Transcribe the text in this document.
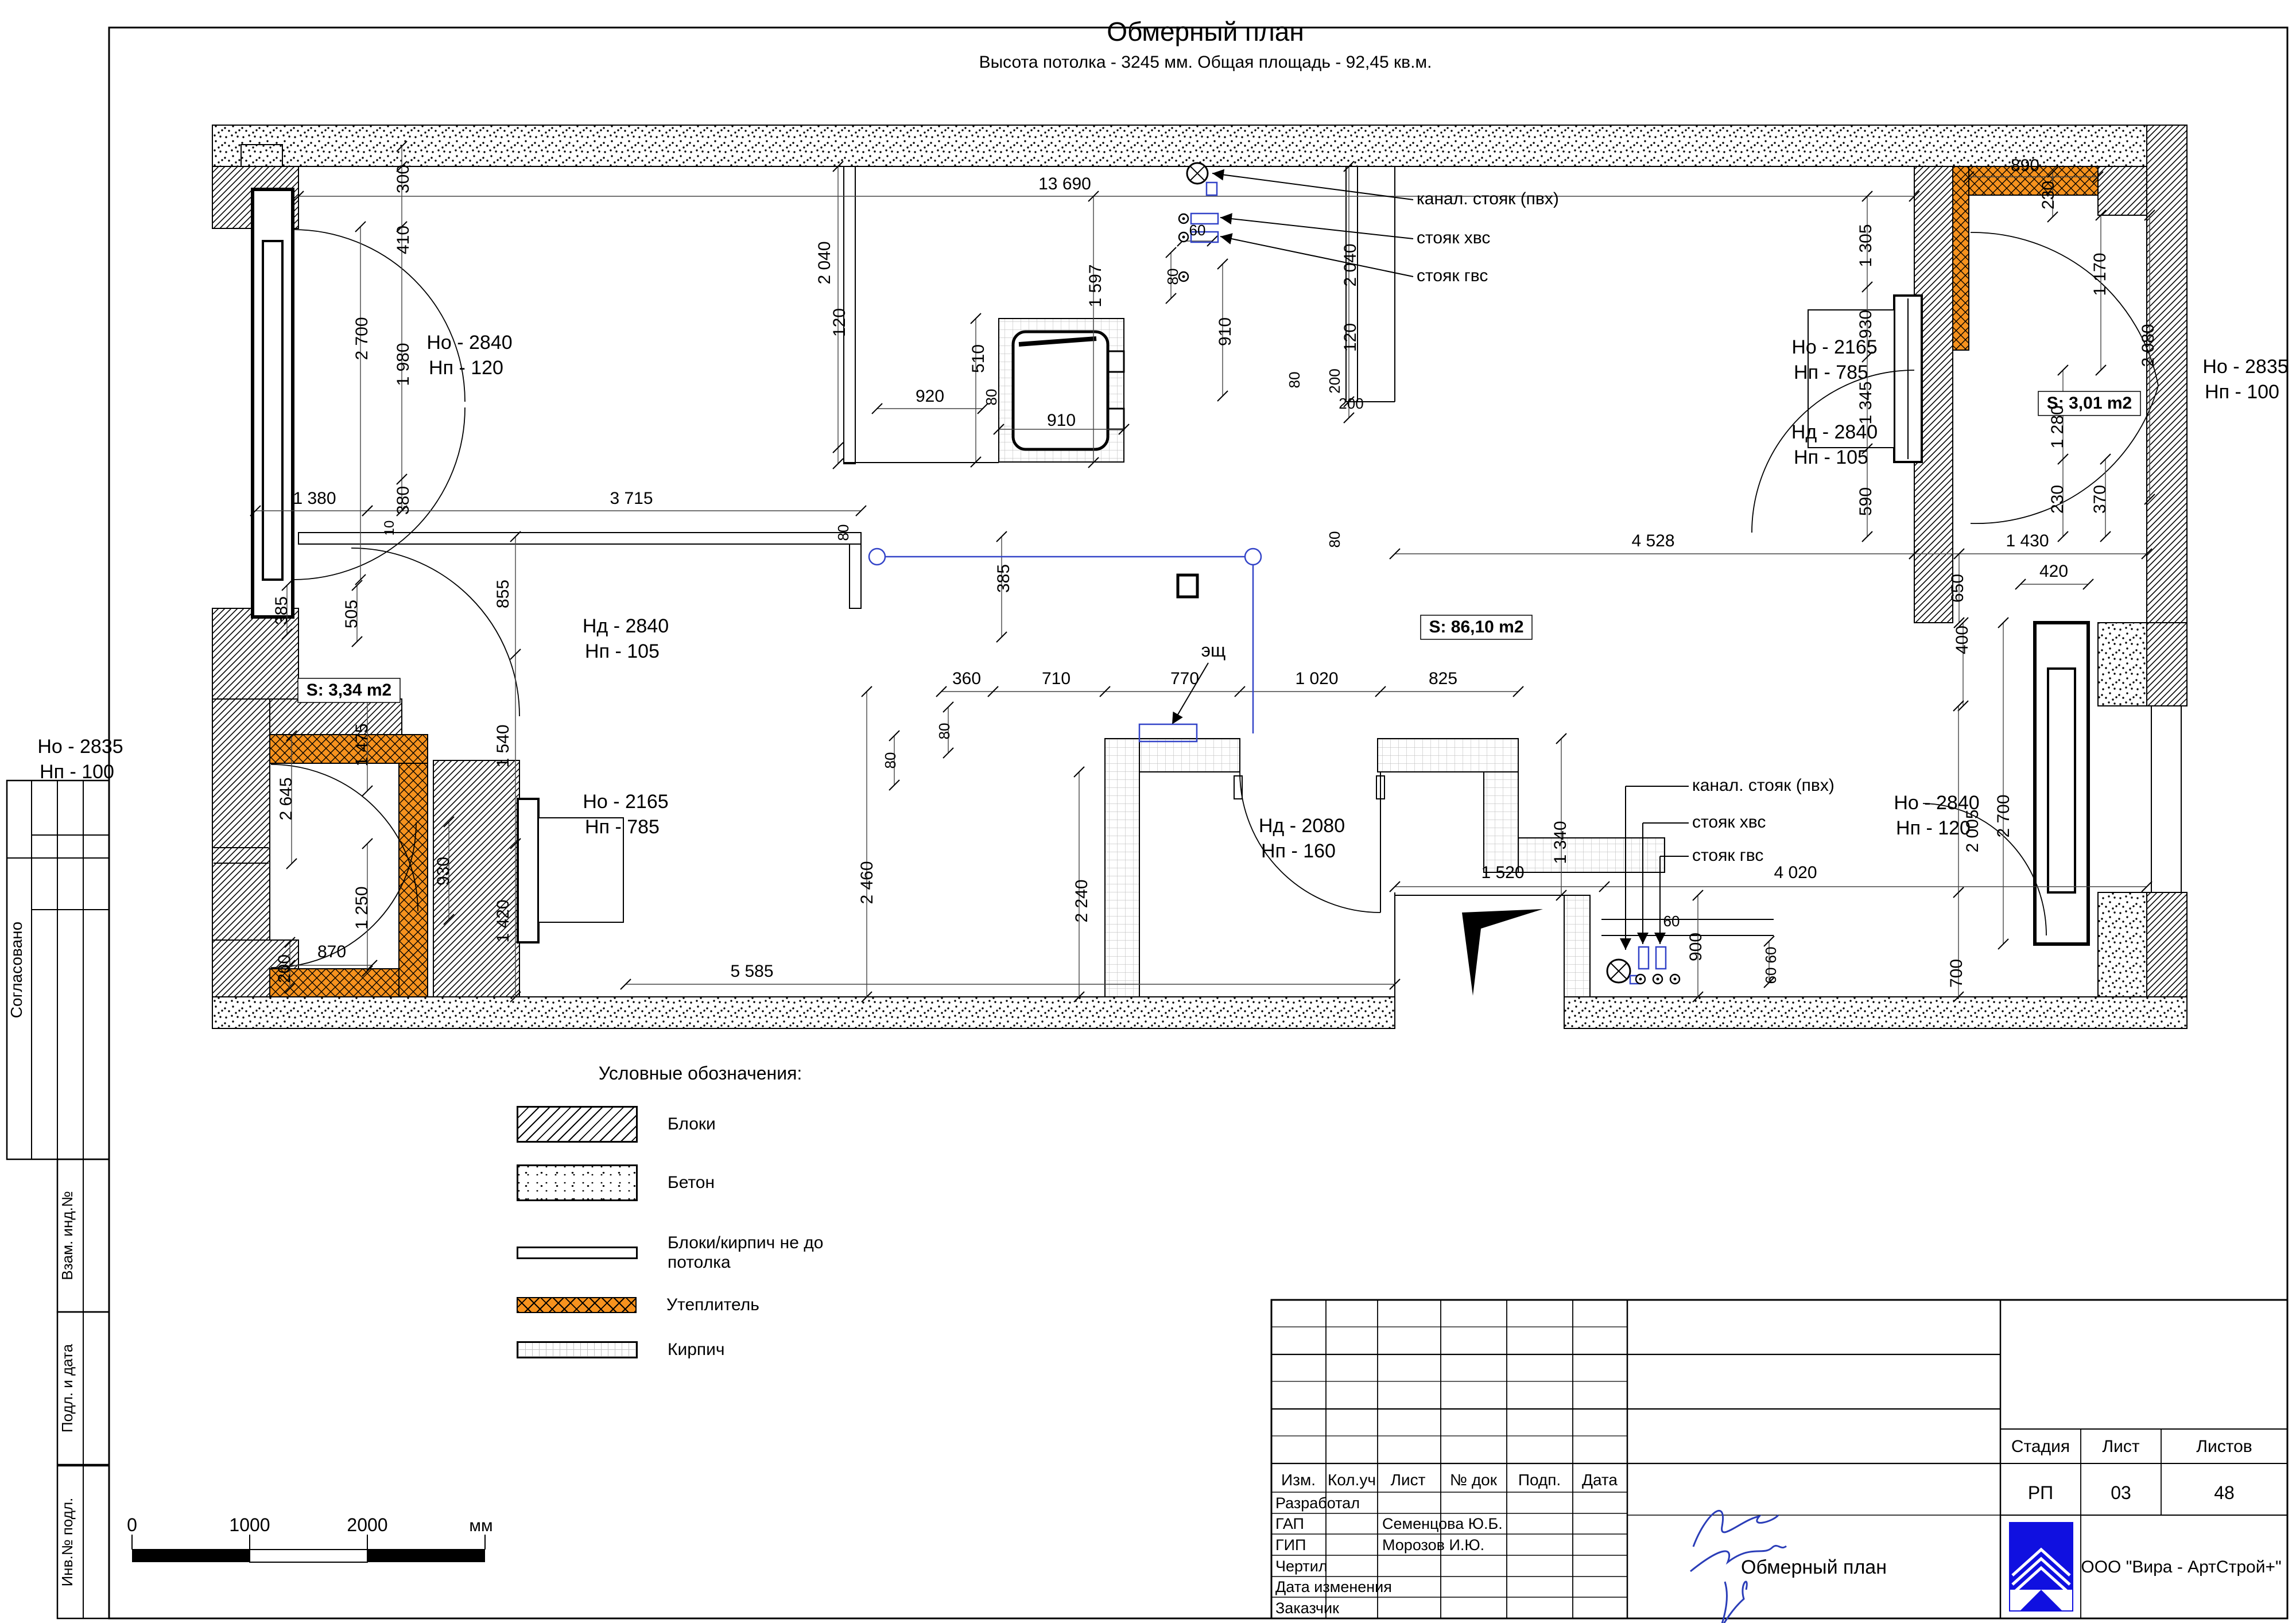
Обмерный план
Высота потолка - 3245 мм. Общая площадь - 92,45 кв.м.
Условные обозначения:
Блоки
Бетон
Блоки/кирпич не до потолка
Утеплитель
Кирпич
13 690
300
410
2 700
1 980
Но - 2840
Нп - 120
1 380	380
10
3 715
80
385
855
1 540
1 420
Нд - 2840
Нп - 105
Но - 2165
Нп - 785
930
385	505
S: 3,34 m2
1 475
2 645
1 250
200
870
Но - 2835
Нп - 100
2 040
120
1 597
920	80
510
910
60
80
910
2 040
120
80 200
200
канал. стояк (пвх)
стояк хвс
стояк гвс
890
230
1 305
1 170
930	2 080
Но - 2165
Нп - 785
1 345
Нд - 2840
Нп - 105
S: 3,01 m2
1 280
Но - 2835
Нп - 100
590	230 370
80	4 528	1 430
650
400
420
S: 86,10 m2
эщ
360	710	770	1 020	825
80
80
Нд - 2080
Нп - 160
2 460	2 240
1 340
1 520	4 020
канал. стояк (пвх)
стояк хвс
стояк гвс
60
900	60
60	700
5 585
Но - 2840
Нп - 120
2 005 2 700
0	1000	2000	мм
Согласовано
Взам. инд.№
Подл. и дата
Инв.№ подл.
Изм. Кол.уч Лист № док Подп. Дата
Разработал
ГАП	Семенцова Ю.Б.
ГИП	Морозов И.Ю.
Чертил
Дата изменения
Заказчик
Стадия Лист	Листов
РП	03	48
Обмерный план	ООО "Вира - АртСтрой+"
